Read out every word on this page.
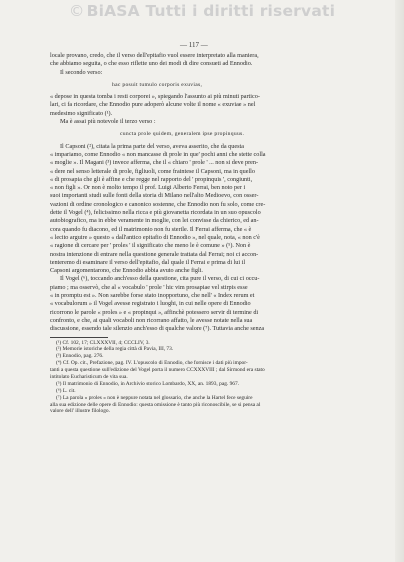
© BiASA Tutti i diritti riservati
— 117 —
locale provano, credo, che il verso dell'epitafio vuol essere interpretato alla maniera,
che abbiamo seguita, o che esso riflette uno dei modi di dire consueti ad Ennodio.
Il secondo verso:
hac posuit tumulo corporis exuvias,
« depose in questa tomba i resti corporei », spiegando l'assunto ai più minuti partico-
lari, ci fa ricordare, che Ennodio pure adoperò alcune volte il nome « exuviae » nel
medesimo significato (¹).
Ma è assai più notevole il terzo verso :
cuncta prole quidem, generalem ipse propinquus.
Il Capsoni (²), citata la prima parte del verso, aveva asserito, che da questa
« impariamo, come Ennodio « non mancasse di prole in que' pochi anni che stette colla
« moglie ». Il Magani (³) invece afferma, che il « chiaro ' prole ' ... non si deve pren-
« dere nel senso letterale di prole, figliuoli, come fraintese il Capsoni, ma in quello
« di prosapia che gli è affine e che regge nel rapporto del ' propinquis ', congiunti,
« non figli ». Or non è molto tempo il prof. Luigi Alberto Ferrai, ben noto per i
suoi importanti studi sulle fonti della storia di Milano nell'alto Medioevo, con osser-
vazioni di ordine cronologico e canonico sostenne, che Ennodio non fu solo, come cre-
dette il Vogel (⁴), felicissimo nella ricca e più giovanetta ricordata in un suo opuscolo
autobiografico, ma in ebbe veramente in moglie, con lei convisse da chierico, ed an-
cora quando fu diacono, ed il matrimonio non fu sterile. Il Ferrai afferma, che « è
« lecito arguire » questo « dall'antico epitafio di Ennodio », nel quale, nota, « non c'è
« ragione di cercare per ' proles ' il significato che meno le è comune » (⁵). Non è
nostra intenzione di entrare nella questione generale trattata dal Ferrai; noi ci accon-
tenteremo di esaminare il verso dell'epitafio, dal quale il Ferrai e prima di lui il
Capsoni argomentarono, che Ennodio abbia avuto anche figli.
Il Vogel (⁶), toccando anch'esso della questione, cita pure il verso, di cui ci occu-
piamo ; ma osservò, che al « vocabulo ' prole ' hic vim prosapiae vel stirpis esse
« in promptu est ». Non sarebbe forse stato inopportuno, che nell' « Index rerum et
« vocabulorum » il Vogel avesse registrato i luoghi, in cui nelle opere di Ennodio
ricorrono le parole « proles » e « propinqui », affinchè potessero servir di termine di
confronto, e che, ai quali vocaboli non ricorrano affatto, le avesse notate nella sua
discussione, essendo tale silenzio anch'esso di qualche valore (⁷). Tuttavia anche senza
(¹) Cf. 102, 17; CLXXXVII, 4; CCCLIV, 3.
(²) Memorie istoriche della regia città di Pavia, III, 73.
(³) Ennodio, pag. 276.
(⁴) Cf. Op. cit., Prefazione, pag. IV. L'opuscolo di Ennodio, che fornisce i dati più impor-
tanti a questa questione sull'edizione del Vogel porta il numero CCXXXVIII ; dal Sirmond era stato
intitolato Eucharisticum de vita sua.
(⁵) Il matrimonio di Ennodio, in Archivio storico Lombardo, XX, an. 1893, pag. 967.
(⁶) L. cit.
(⁷) La parola « proles » non è neppure notata nel glossario, che anche la Hartel fece seguire
alla sua edizione delle opere di Ennodio: questa omissione è tanto più riconoscibile, se si pensa al
valore dell' illustre filologo.
